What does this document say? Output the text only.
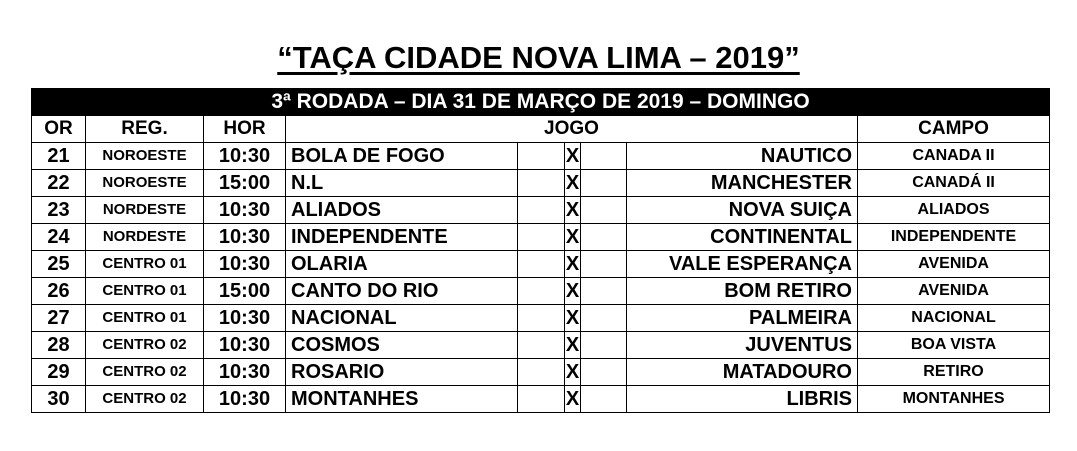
“TAÇA CIDADE NOVA LIMA – 2019”
3ª RODADA – DIA 31 DE MARÇO DE 2019 – DOMINGO								
OR	REG.	HOR	JOGO					CAMPO
21	NOROESTE	10:30	BOLA DE FOGO		X		NAUTICO	CANADA II
22	NOROESTE	15:00	N.L		X		MANCHESTER	CANADÁ II
23	NORDESTE	10:30	ALIADOS		X		NOVA SUIÇA	ALIADOS
24	NORDESTE	10:30	INDEPENDENTE		X		CONTINENTAL	INDEPENDENTE
25	CENTRO 01	10:30	OLARIA		X		VALE ESPERANÇA	AVENIDA
26	CENTRO 01	15:00	CANTO DO RIO		X		BOM RETIRO	AVENIDA
27	CENTRO 01	10:30	NACIONAL		X		PALMEIRA	NACIONAL
28	CENTRO 02	10:30	COSMOS		X		JUVENTUS	BOA VISTA
29	CENTRO 02	10:30	ROSARIO		X		MATADOURO	RETIRO
30	CENTRO 02	10:30	MONTANHES		X		LIBRIS	MONTANHES
